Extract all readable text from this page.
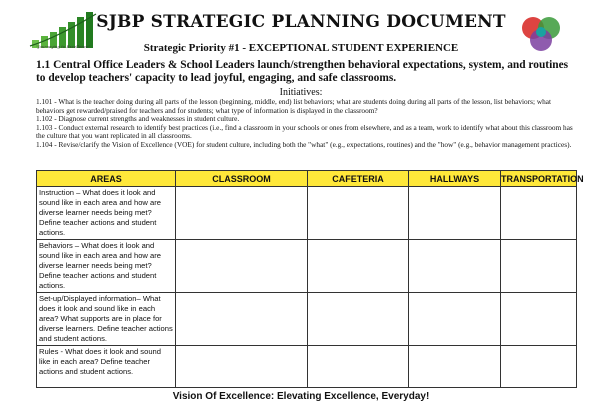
"Journeying to Excellence"
SJBP STRATEGIC PLANNING DOCUMENT
Strategic Priority #1 - EXCEPTIONAL STUDENT EXPERIENCE
1.1 Central Office Leaders & School Leaders launch/strengthen behavioral expectations, system, and routines to develop teachers' capacity to lead joyful, engaging, and safe classrooms.
Initiatives:
1.101 - What is the teacher doing during all parts of the lesson (beginning, middle, end) list behaviors; what are students doing during all parts of the lesson, list behaviors; what behaviors get rewarded/praised for teachers and for students; what type of information is displayed in the classroom?
1.102 - Diagnose current strengths and weaknesses in student culture.
1.103 - Conduct external research to identify best practices (i.e., find a classroom in your schools or ones from elsewhere, and as a team, work to identify what about this classroom has the culture that you want replicated in all classrooms.
1.104 - Revise/clarify the Vision of Excellence (VOE) for student culture, including both the "what" (e.g., expectations, routines) and the "how" (e.g., behavior management practices).
AREAS	CLASSROOM	CAFETERIA	HALLWAYS	TRANSPORTATION
Instruction – What does it look and sound like in each area and how are diverse learner needs being met? Define teacher actions and student actions.				
Behaviors – What does it look and sound like in each area and how are diverse learner needs being met? Define teacher actions and student actions.				
Set-up/Displayed information– What does it look and sound like in each area? What supports are in place for diverse learners. Define teacher actions and student actions.				
Rules - What does it look and sound like in each area? Define teacher actions and student actions.				
Vision Of Excellence: Elevating Excellence, Everyday!
